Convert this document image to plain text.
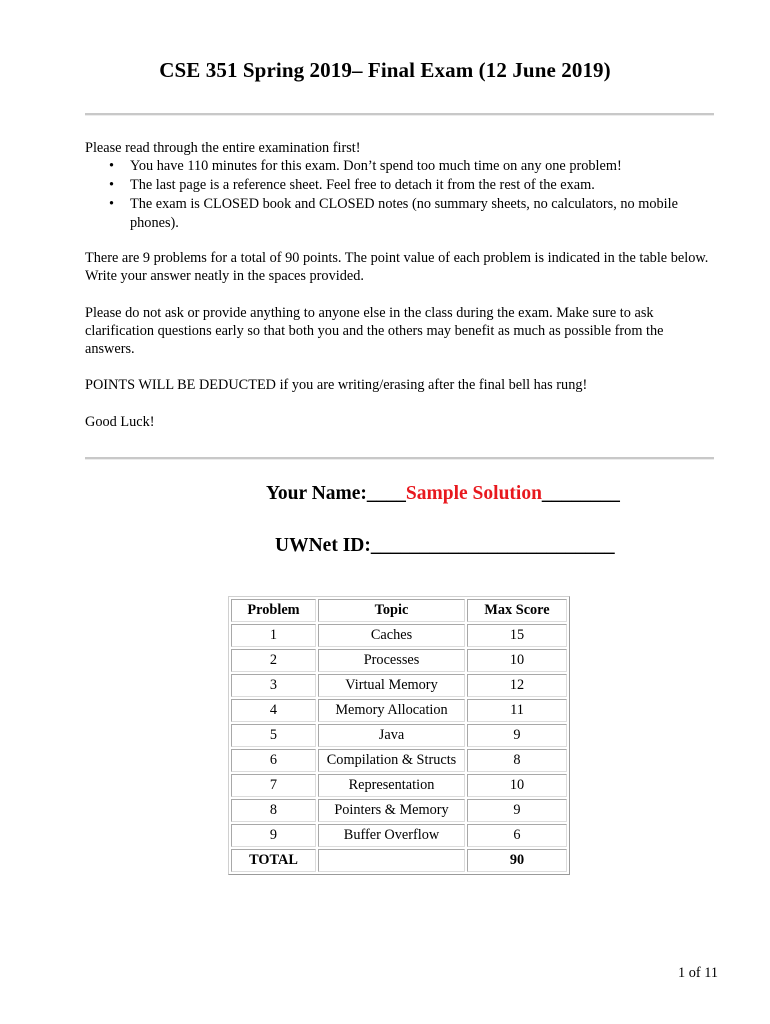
CSE 351 Spring 2019– Final Exam (12 June 2019)
Please read through the entire examination first!
• You have 110 minutes for this exam. Don’t spend too much time on any one problem!
• The last page is a reference sheet. Feel free to detach it from the rest of the exam.
• The exam is CLOSED book and CLOSED notes (no summary sheets, no calculators, no mobile phones).
There are 9 problems for a total of 90 points. The point value of each problem is indicated in the table below. Write your answer neatly in the spaces provided.
Please do not ask or provide anything to anyone else in the class during the exam. Make sure to ask clarification questions early so that both you and the others may benefit as much as possible from the answers.
POINTS WILL BE DEDUCTED if you are writing/erasing after the final bell has rung!
Good Luck!
Your Name:____Sample Solution________
UWNet ID:_________________________
Problem	Topic	Max Score
1	Caches	15
2	Processes	10
3	Virtual Memory	12
4	Memory Allocation	11
5	Java	9
6	Compilation & Structs	8
7	Representation	10
8	Pointers & Memory	9
9	Buffer Overflow	6
TOTAL		90
1 of 11
